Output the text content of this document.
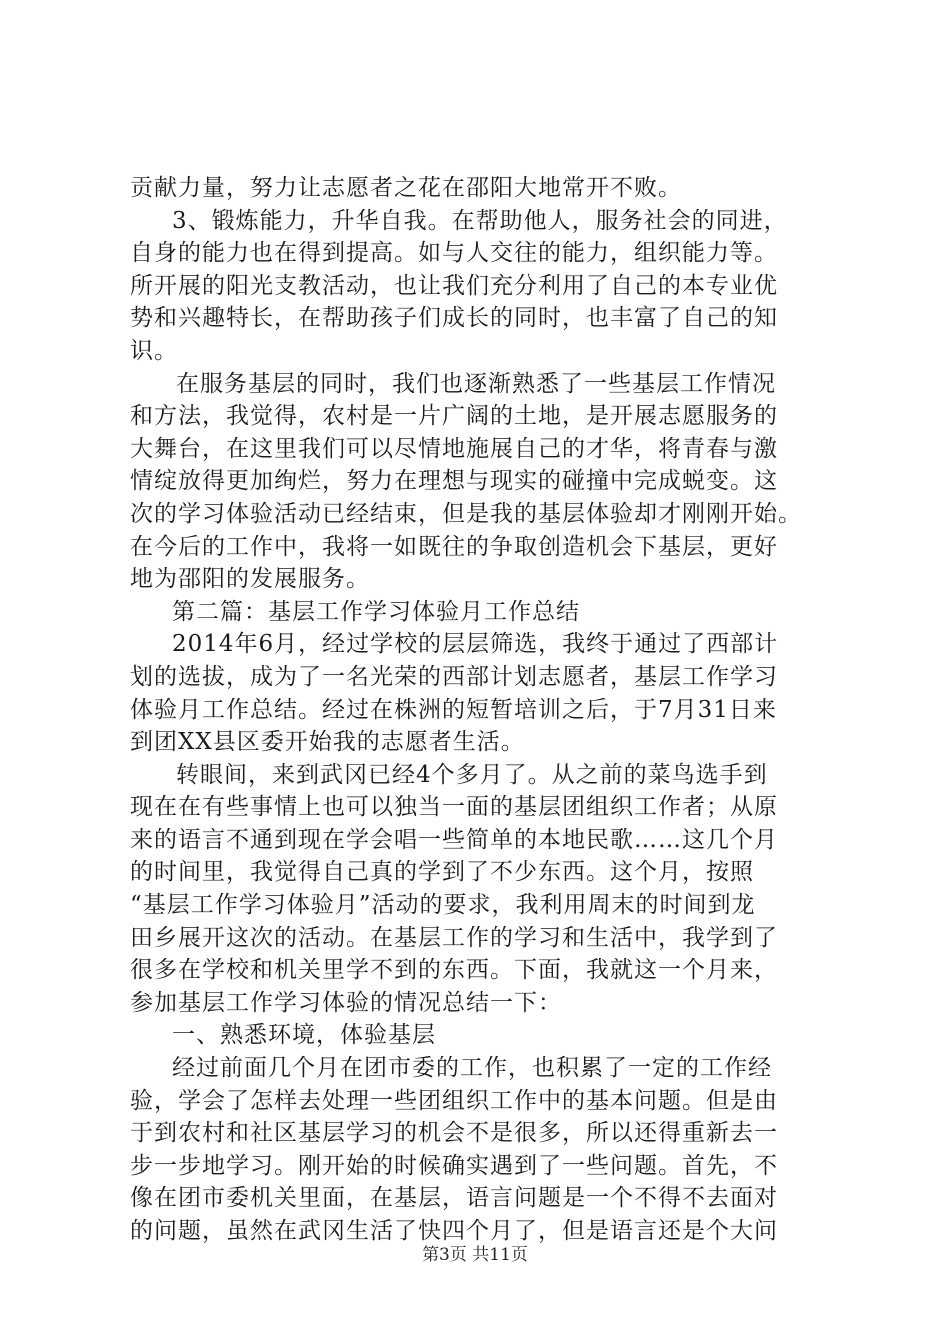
贡献力量，努力让志愿者之花在邵阳大地常开不败。
3、锻炼能力，升华自我。在帮助他人，服务社会的同进，
自身的能力也在得到提高。如与人交往的能力，组织能力等。
所开展的阳光支教活动，也让我们充分利用了自己的本专业优
势和兴趣特长，在帮助孩子们成长的同时，也丰富了自己的知
识。
在服务基层的同时，我们也逐渐熟悉了一些基层工作情况
和方法，我觉得，农村是一片广阔的土地，是开展志愿服务的
大舞台，在这里我们可以尽情地施展自己的才华，将青春与激
情绽放得更加绚烂，努力在理想与现实的碰撞中完成蜕变。这
次的学习体验活动已经结束，但是我的基层体验却才刚刚开始。
在今后的工作中，我将一如既往的争取创造机会下基层，更好
地为邵阳的发展服务。
第二篇：基层工作学习体验月工作总结
2014年6月，经过学校的层层筛选，我终于通过了西部计
划的选拔，成为了一名光荣的西部计划志愿者，基层工作学习
体验月工作总结。经过在株洲的短暂培训之后，于7月31日来
到团XX县区委开始我的志愿者生活。
转眼间，来到武冈已经4个多月了。从之前的菜鸟选手到
现在在有些事情上也可以独当一面的基层团组织工作者；从原
来的语言不通到现在学会唱一些简单的本地民歌……这几个月
的时间里，我觉得自己真的学到了不少东西。这个月，按照
“基层工作学习体验月”活动的要求，我利用周末的时间到龙
田乡展开这次的活动。在基层工作的学习和生活中，我学到了
很多在学校和机关里学不到的东西。下面，我就这一个月来，
参加基层工作学习体验的情况总结一下：
一、熟悉环境，体验基层
经过前面几个月在团市委的工作，也积累了一定的工作经
验，学会了怎样去处理一些团组织工作中的基本问题。但是由
于到农村和社区基层学习的机会不是很多，所以还得重新去一
步一步地学习。刚开始的时候确实遇到了一些问题。首先，不
像在团市委机关里面，在基层，语言问题是一个不得不去面对
的问题，虽然在武冈生活了快四个月了，但是语言还是个大问
第3页 共11页
